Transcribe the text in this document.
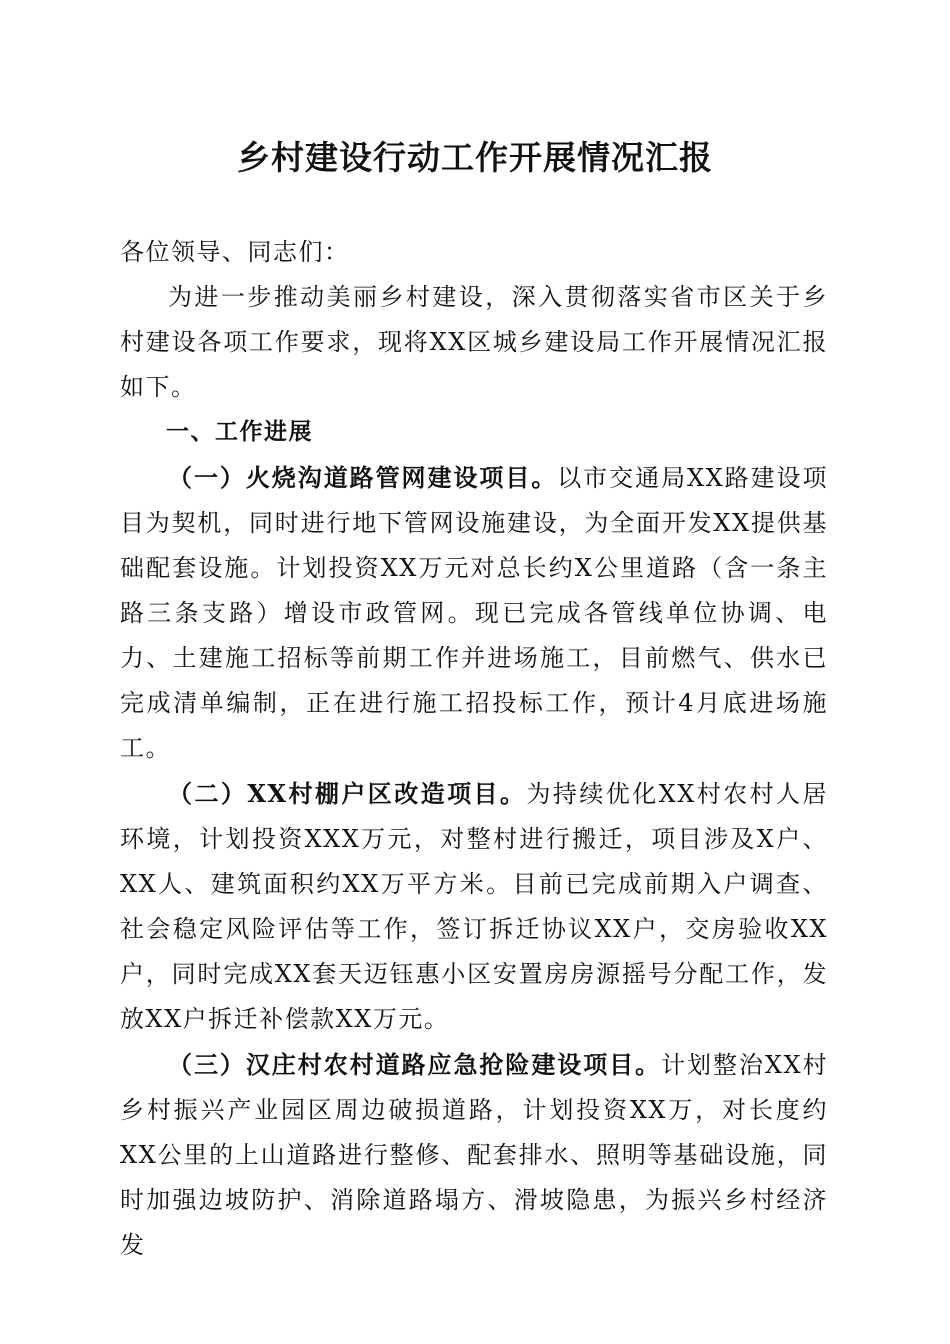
乡村建设行动工作开展情况汇报

各位领导、同志们：

为进一步推动美丽乡村建设，深入贯彻落实省市区关于乡村建设各项工作要求，现将XX区城乡建设局工作开展情况汇报如下。

一、工作进展

（一）火烧沟道路管网建设项目。以市交通局XX路建设项目为契机，同时进行地下管网设施建设，为全面开发XX提供基础配套设施。计划投资XX万元对总长约X公里道路（含一条主路三条支路）增设市政管网。现已完成各管线单位协调、电力、土建施工招标等前期工作并进场施工，目前燃气、供水已完成清单编制，正在进行施工招投标工作，预计4月底进场施工。

（二）XX村棚户区改造项目。为持续优化XX村农村人居环境，计划投资XXX万元，对整村进行搬迁，项目涉及X户、XX人、建筑面积约XX万平方米。目前已完成前期入户调查、社会稳定风险评估等工作，签订拆迁协议XX户，交房验收XX户，同时完成XX套天迈钰惠小区安置房房源摇号分配工作，发放XX户拆迁补偿款XX万元。

（三）汉庄村农村道路应急抢险建设项目。计划整治XX村乡村振兴产业园区周边破损道路，计划投资XX万，对长度约XX公里的上山道路进行整修、配套排水、照明等基础设施，同时加强边坡防护、消除道路塌方、滑坡隐患，为振兴乡村经济发
